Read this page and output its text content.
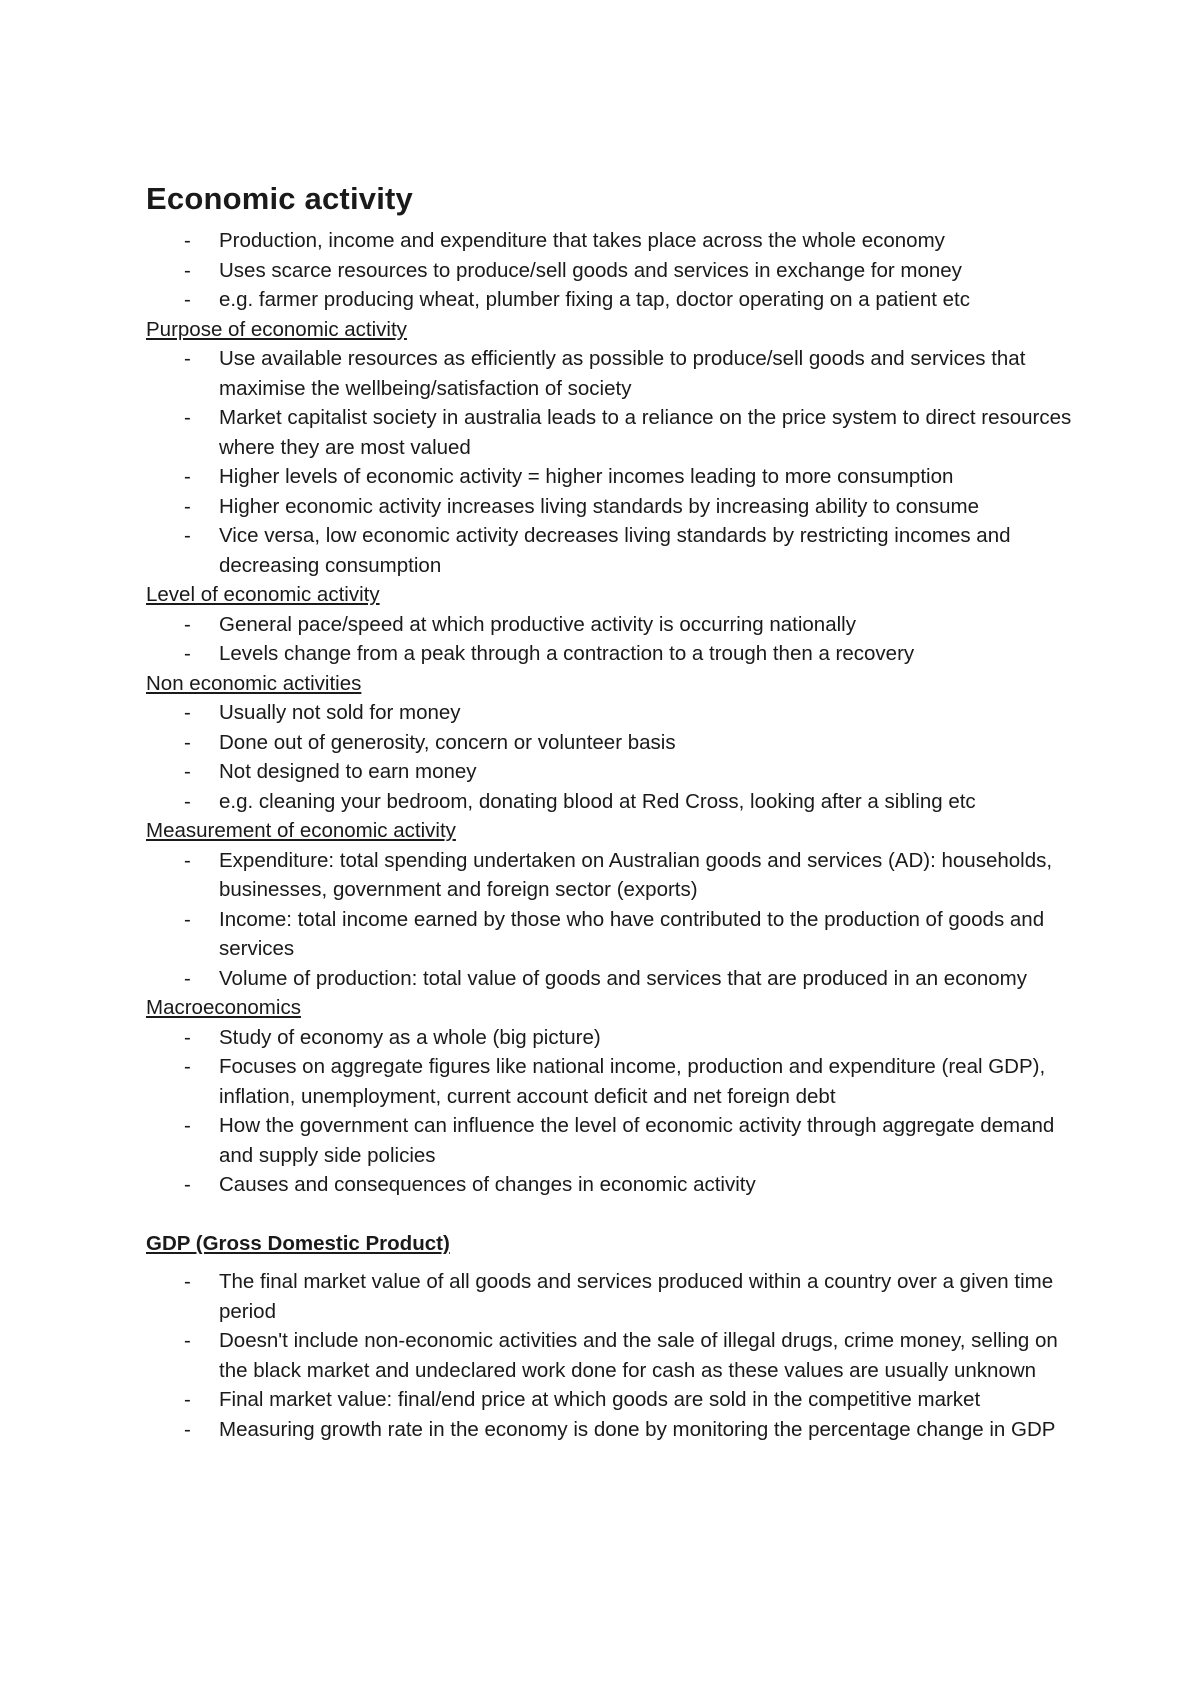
Economic activity
- Production, income and expenditure that takes place across the whole economy
- Uses scarce resources to produce/sell goods and services in exchange for money
- e.g. farmer producing wheat, plumber fixing a tap, doctor operating on a patient etc
Purpose of economic activity
- Use available resources as efficiently as possible to produce/sell goods and services that maximise the wellbeing/satisfaction of society
- Market capitalist society in australia leads to a reliance on the price system to direct resources where they are most valued
- Higher levels of economic activity = higher incomes leading to more consumption
- Higher economic activity increases living standards by increasing ability to consume
- Vice versa, low economic activity decreases living standards by restricting incomes and decreasing consumption
Level of economic activity
- General pace/speed at which productive activity is occurring nationally
- Levels change from a peak through a contraction to a trough then a recovery
Non economic activities
- Usually not sold for money
- Done out of generosity, concern or volunteer basis
- Not designed to earn money
- e.g. cleaning your bedroom, donating blood at Red Cross, looking after a sibling etc
Measurement of economic activity
- Expenditure: total spending undertaken on Australian goods and services (AD): households, businesses, government and foreign sector (exports)
- Income: total income earned by those who have contributed to the production of goods and services
- Volume of production: total value of goods and services that are produced in an economy
Macroeconomics
- Study of economy as a whole (big picture)
- Focuses on aggregate figures like national income, production and expenditure (real GDP), inflation, unemployment, current account deficit and net foreign debt
- How the government can influence the level of economic activity through aggregate demand and supply side policies
- Causes and consequences of changes in economic activity
GDP (Gross Domestic Product)
- The final market value of all goods and services produced within a country over a given time period
- Doesn't include non-economic activities and the sale of illegal drugs, crime money, selling on the black market and undeclared work done for cash as these values are usually unknown
- Final market value: final/end price at which goods are sold in the competitive market
- Measuring growth rate in the economy is done by monitoring the percentage change in GDP
